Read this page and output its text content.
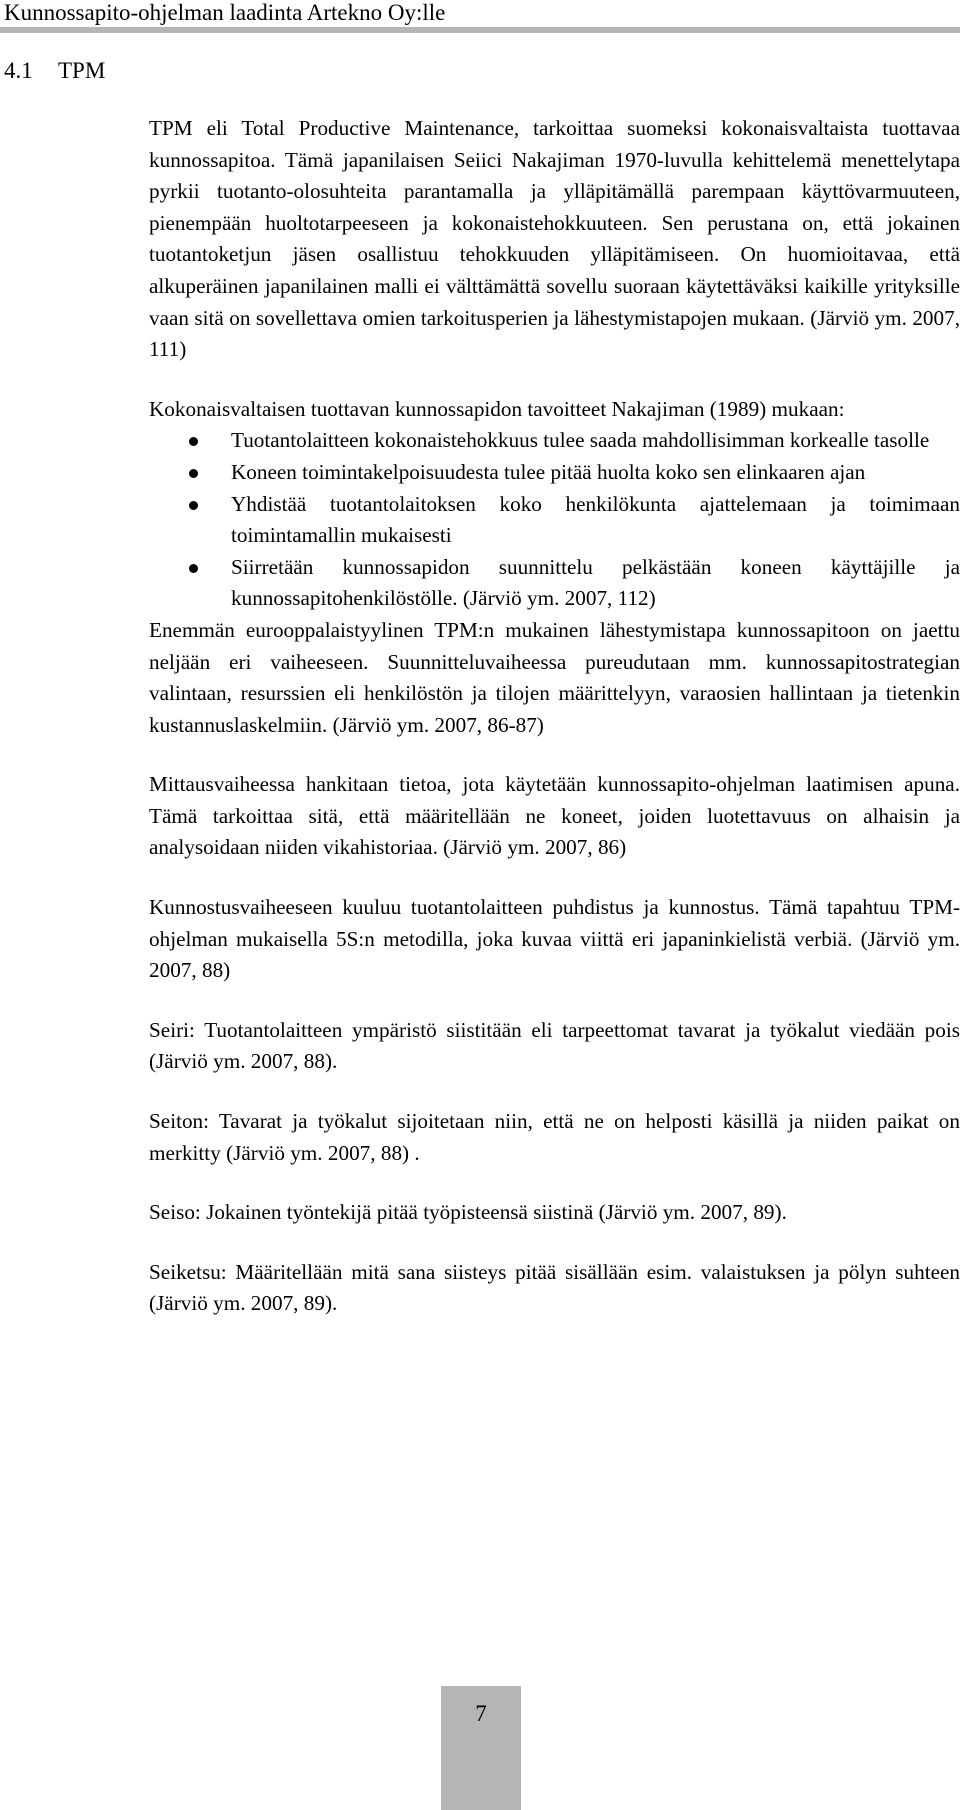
Kunnossapito-ohjelman laadinta Artekno Oy:lle
4.1 TPM

TPM eli Total Productive Maintenance, tarkoittaa suomeksi kokonaisvaltaista tuottavaa kunnossapitoa. Tämä japanilaisen Seiici Nakajiman 1970-luvulla kehittelemä menettelytapa pyrkii tuotanto-olosuhteita parantamalla ja ylläpitämällä parempaan käyttövarmuuteen, pienempään huoltotarpeeseen ja kokonaistehokkuuteen. Sen perustana on, että jokainen tuotantoketjun jäsen osallistuu tehokkuuden ylläpitämiseen. On huomioitavaa, että alkuperäinen japanilainen malli ei välttämättä sovellu suoraan käytettäväksi kaikille yrityksille vaan sitä on sovellettava omien tarkoitusperien ja lähestymistapojen mukaan. (Järviö ym. 2007, 111)

Kokonaisvaltaisen tuottavan kunnossapidon tavoitteet Nakajiman (1989) mukaan:

Tuotantolaitteen kokonaistehokkuus tulee saada mahdollisimman korkealle tasolle
Koneen toimintakelpoisuudesta tulee pitää huolta koko sen elinkaaren ajan
Yhdistää tuotantolaitoksen koko henkilökunta ajattelemaan ja toimimaan toimintamallin mukaisesti
Siirretään kunnossapidon suunnittelu pelkästään koneen käyttäjille ja kunnossapitohenkilöstölle. (Järviö ym. 2007, 112)

Enemmän eurooppalaistyylinen TPM:n mukainen lähestymistapa kunnossapitoon on jaettu neljään eri vaiheeseen. Suunnitteluvaiheessa pureudutaan mm. kunnossapitostrategian valintaan, resurssien eli henkilöstön ja tilojen määrittelyyn, varaosien hallintaan ja tietenkin kustannuslaskelmiin. (Järviö ym. 2007, 86-87)

Mittausvaiheessa hankitaan tietoa, jota käytetään kunnossapito-ohjelman laatimisen apuna. Tämä tarkoittaa sitä, että määritellään ne koneet, joiden luotettavuus on alhaisin ja analysoidaan niiden vikahistoriaa. (Järviö ym. 2007, 86)

Kunnostusvaiheeseen kuuluu tuotantolaitteen puhdistus ja kunnostus. Tämä tapahtuu TPM- ohjelman mukaisella 5S:n metodilla, joka kuvaa viittä eri japaninkielistä verbiä. (Järviö ym. 2007, 88)

Seiri: Tuotantolaitteen ympäristö siistitään eli tarpeettomat tavarat ja työkalut viedään pois (Järviö ym. 2007, 88).

Seiton: Tavarat ja työkalut sijoitetaan niin, että ne on helposti käsillä ja niiden paikat on merkitty (Järviö ym. 2007, 88) .

Seiso: Jokainen työntekijä pitää työpisteensä siistinä (Järviö ym. 2007, 89).

Seiketsu: Määritellään mitä sana siisteys pitää sisällään esim. valaistuksen ja pölyn suhteen (Järviö ym. 2007, 89).

7
